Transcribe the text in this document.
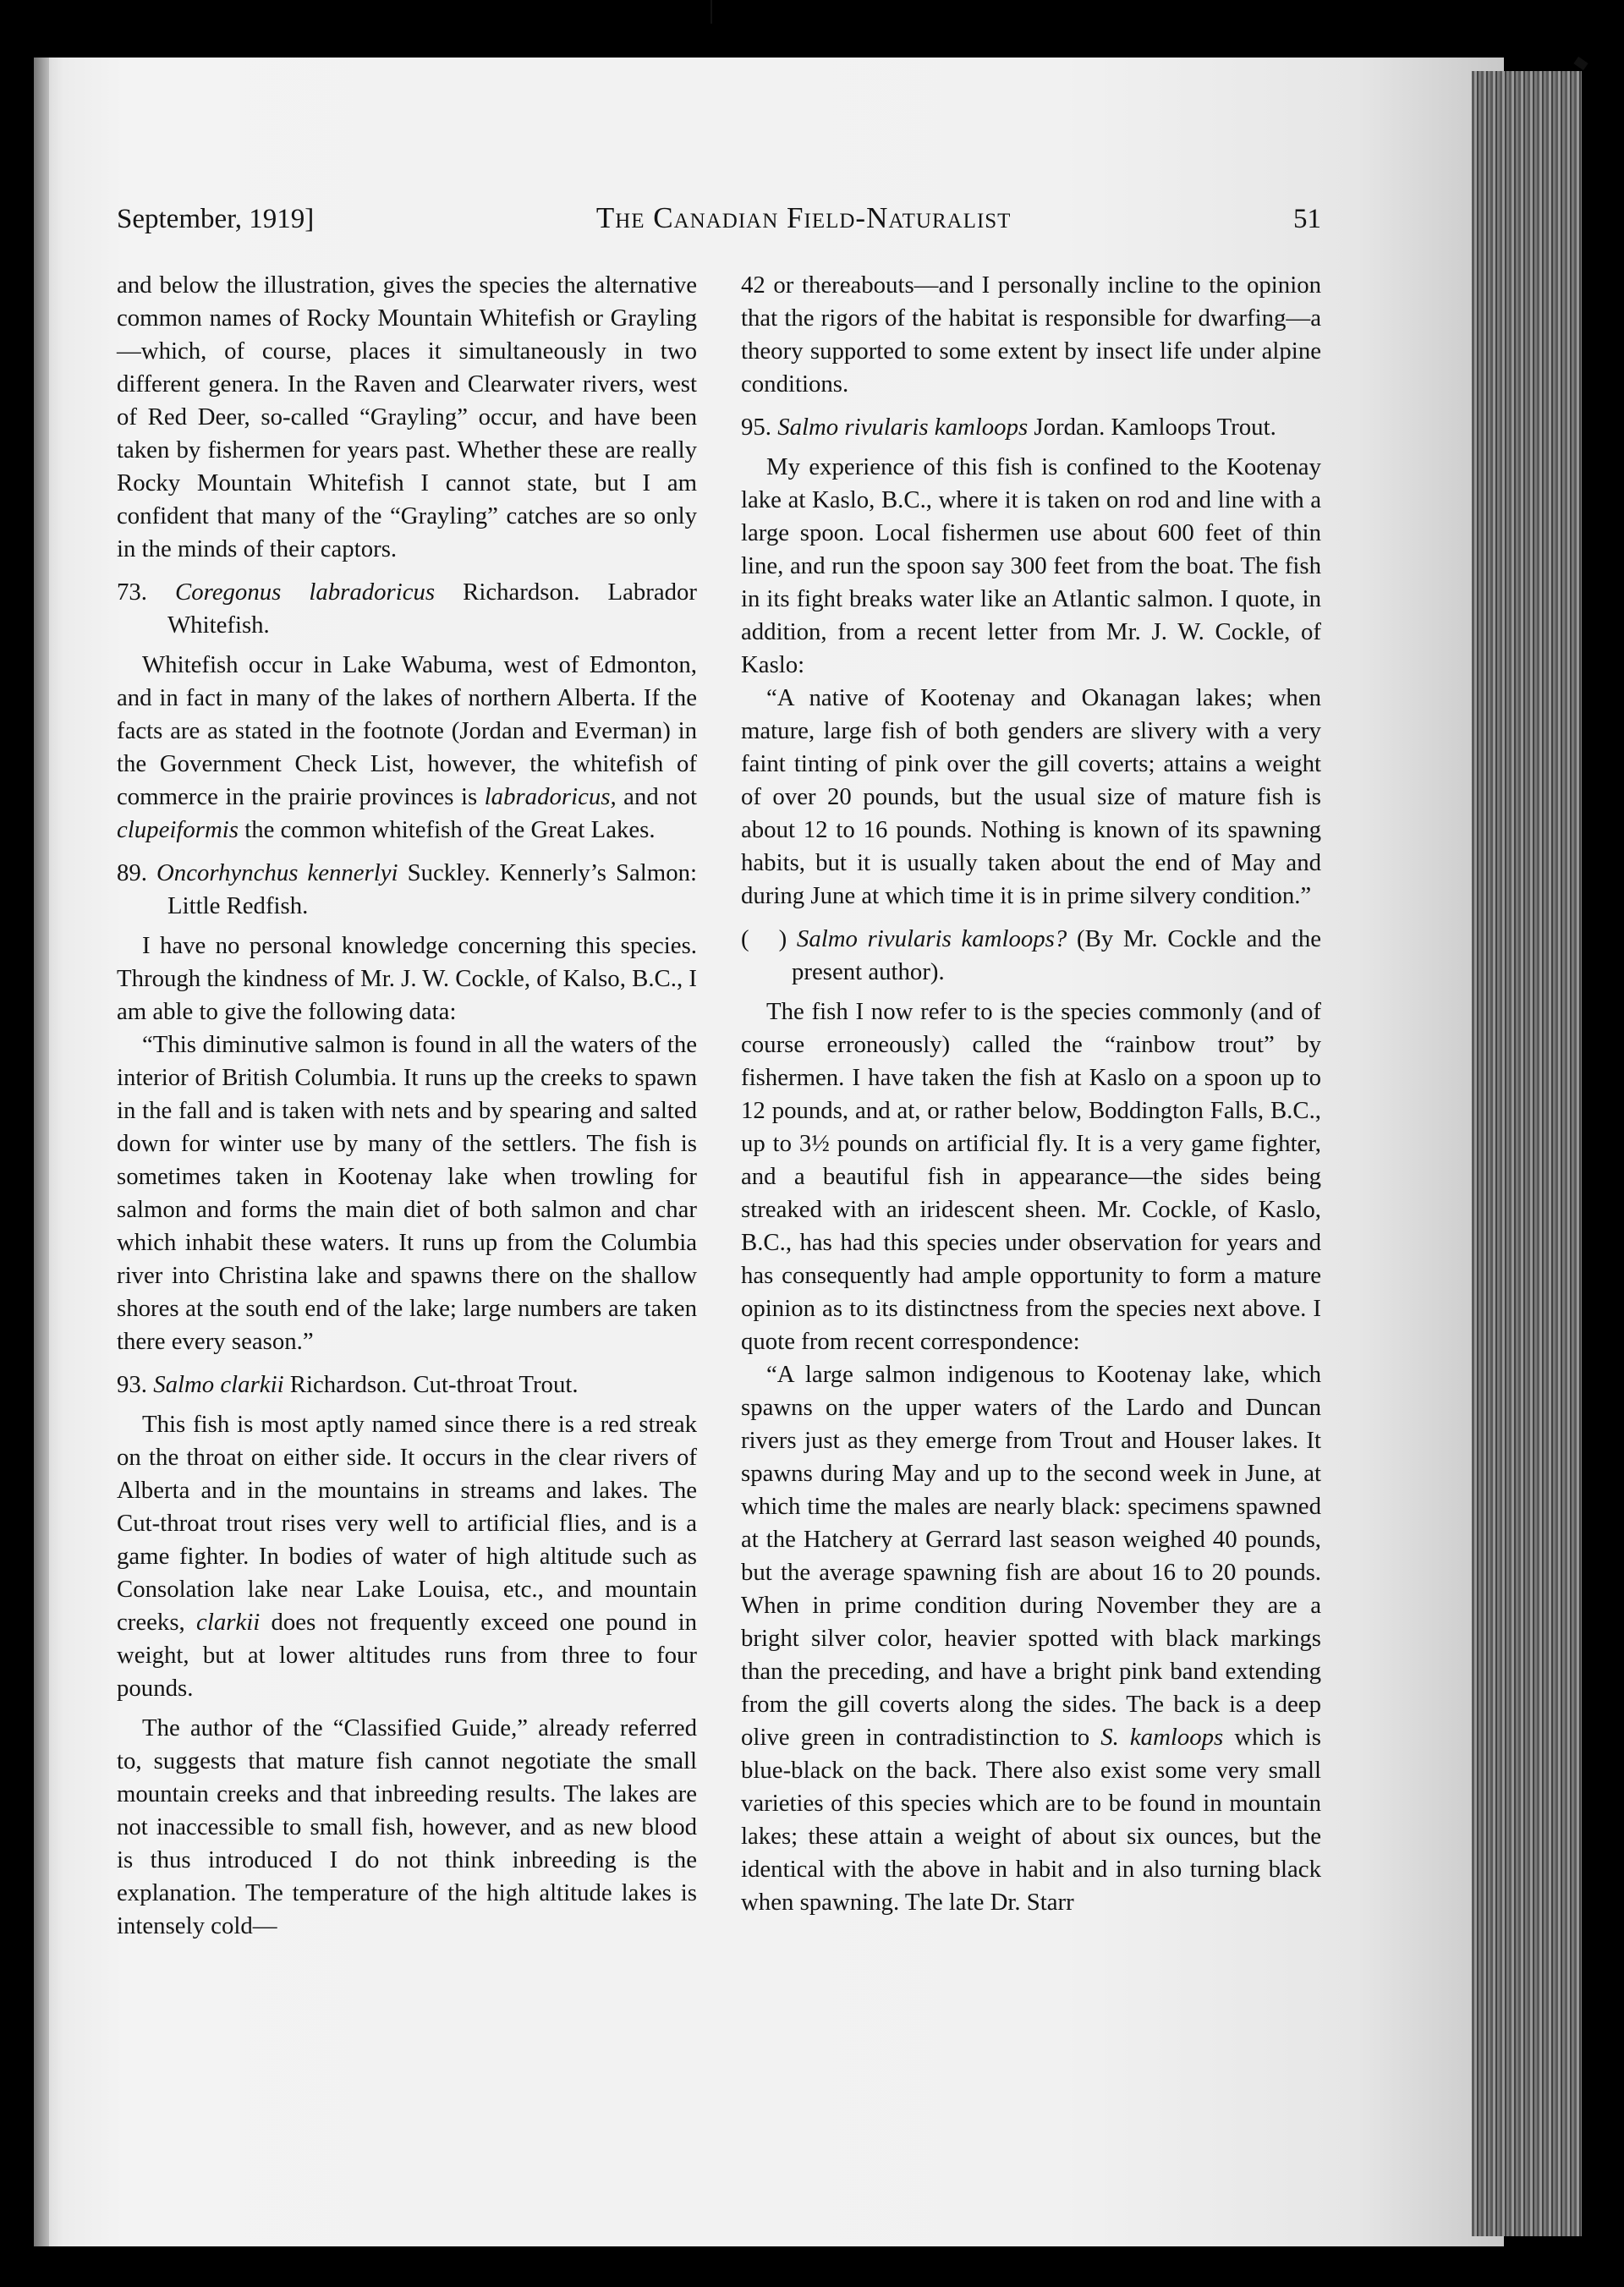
September, 1919]	The Canadian Field-Naturalist	51

and below the illustration, gives the species the alternative common names of Rocky Mountain Whitefish or Grayling—which, of course, places it simultaneously in two different genera. In the Raven and Clearwater rivers, west of Red Deer, so-called “Grayling” occur, and have been taken by fishermen for years past. Whether these are really Rocky Mountain Whitefish I cannot state, but I am confident that many of the “Grayling” catches are so only in the minds of their captors.

73. Coregonus labradoricus Richardson. Labrador Whitefish.

Whitefish occur in Lake Wabuma, west of Edmonton, and in fact in many of the lakes of northern Alberta. If the facts are as stated in the footnote (Jordan and Everman) in the Government Check List, however, the whitefish of commerce in the prairie provinces is labradoricus, and not clupeiformis the common whitefish of the Great Lakes.

89. Oncorhynchus kennerlyi Suckley. Kennerly’s Salmon: Little Redfish.

I have no personal knowledge concerning this species. Through the kindness of Mr. J. W. Cockle, of Kalso, B.C., I am able to give the following data:

“This diminutive salmon is found in all the waters of the interior of British Columbia. It runs up the creeks to spawn in the fall and is taken with nets and by spearing and salted down for winter use by many of the settlers. The fish is sometimes taken in Kootenay lake when trowling for salmon and forms the main diet of both salmon and char which inhabit these waters. It runs up from the Columbia river into Christina lake and spawns there on the shallow shores at the south end of the lake; large numbers are taken there every season.”

93. Salmo clarkii Richardson. Cut-throat Trout.

This fish is most aptly named since there is a red streak on the throat on either side. It occurs in the clear rivers of Alberta and in the mountains in streams and lakes. The Cut-throat trout rises very well to artificial flies, and is a game fighter. In bodies of water of high altitude such as Consolation lake near Lake Louisa, etc., and mountain creeks, clarkii does not frequently exceed one pound in weight, but at lower altitudes runs from three to four pounds.

The author of the “Classified Guide,” already referred to, suggests that mature fish cannot negotiate the small mountain creeks and that inbreeding results. The lakes are not inaccessible to small fish, however, and as new blood is thus introduced I do not think inbreeding is the explanation. The temperature of the high altitude lakes is intensely cold—

42 or thereabouts—and I personally incline to the opinion that the rigors of the habitat is responsible for dwarfing—a theory supported to some extent by insect life under alpine conditions.

95. Salmo rivularis kamloops Jordan. Kamloops Trout.

My experience of this fish is confined to the Kootenay lake at Kaslo, B.C., where it is taken on rod and line with a large spoon. Local fishermen use about 600 feet of thin line, and run the spoon say 300 feet from the boat. The fish in its fight breaks water like an Atlantic salmon. I quote, in addition, from a recent letter from Mr. J. W. Cockle, of Kaslo:

“A native of Kootenay and Okanagan lakes; when mature, large fish of both genders are slivery with a very faint tinting of pink over the gill coverts; attains a weight of over 20 pounds, but the usual size of mature fish is about 12 to 16 pounds. Nothing is known of its spawning habits, but it is usually taken about the end of May and during June at which time it is in prime silvery condition.”

(   ) Salmo rivularis kamloops? (By Mr. Cockle and the present author).

The fish I now refer to is the species commonly (and of course erroneously) called the “rainbow trout” by fishermen. I have taken the fish at Kaslo on a spoon up to 12 pounds, and at, or rather below, Boddington Falls, B.C., up to 3½ pounds on artificial fly. It is a very game fighter, and a beautiful fish in appearance—the sides being streaked with an iridescent sheen. Mr. Cockle, of Kaslo, B.C., has had this species under observation for years and has consequently had ample opportunity to form a mature opinion as to its distinctness from the species next above. I quote from recent correspondence:

“A large salmon indigenous to Kootenay lake, which spawns on the upper waters of the Lardo and Duncan rivers just as they emerge from Trout and Houser lakes. It spawns during May and up to the second week in June, at which time the males are nearly black: specimens spawned at the Hatchery at Gerrard last season weighed 40 pounds, but the average spawning fish are about 16 to 20 pounds. When in prime condition during November they are a bright silver color, heavier spotted with black markings than the preceding, and have a bright pink band extending from the gill coverts along the sides. The back is a deep olive green in contradistinction to S. kamloops which is blue-black on the back. There also exist some very small varieties of this species which are to be found in mountain lakes; these attain a weight of about six ounces, but the identical with the above in habit and in also turning black when spawning. The late Dr. Starr
